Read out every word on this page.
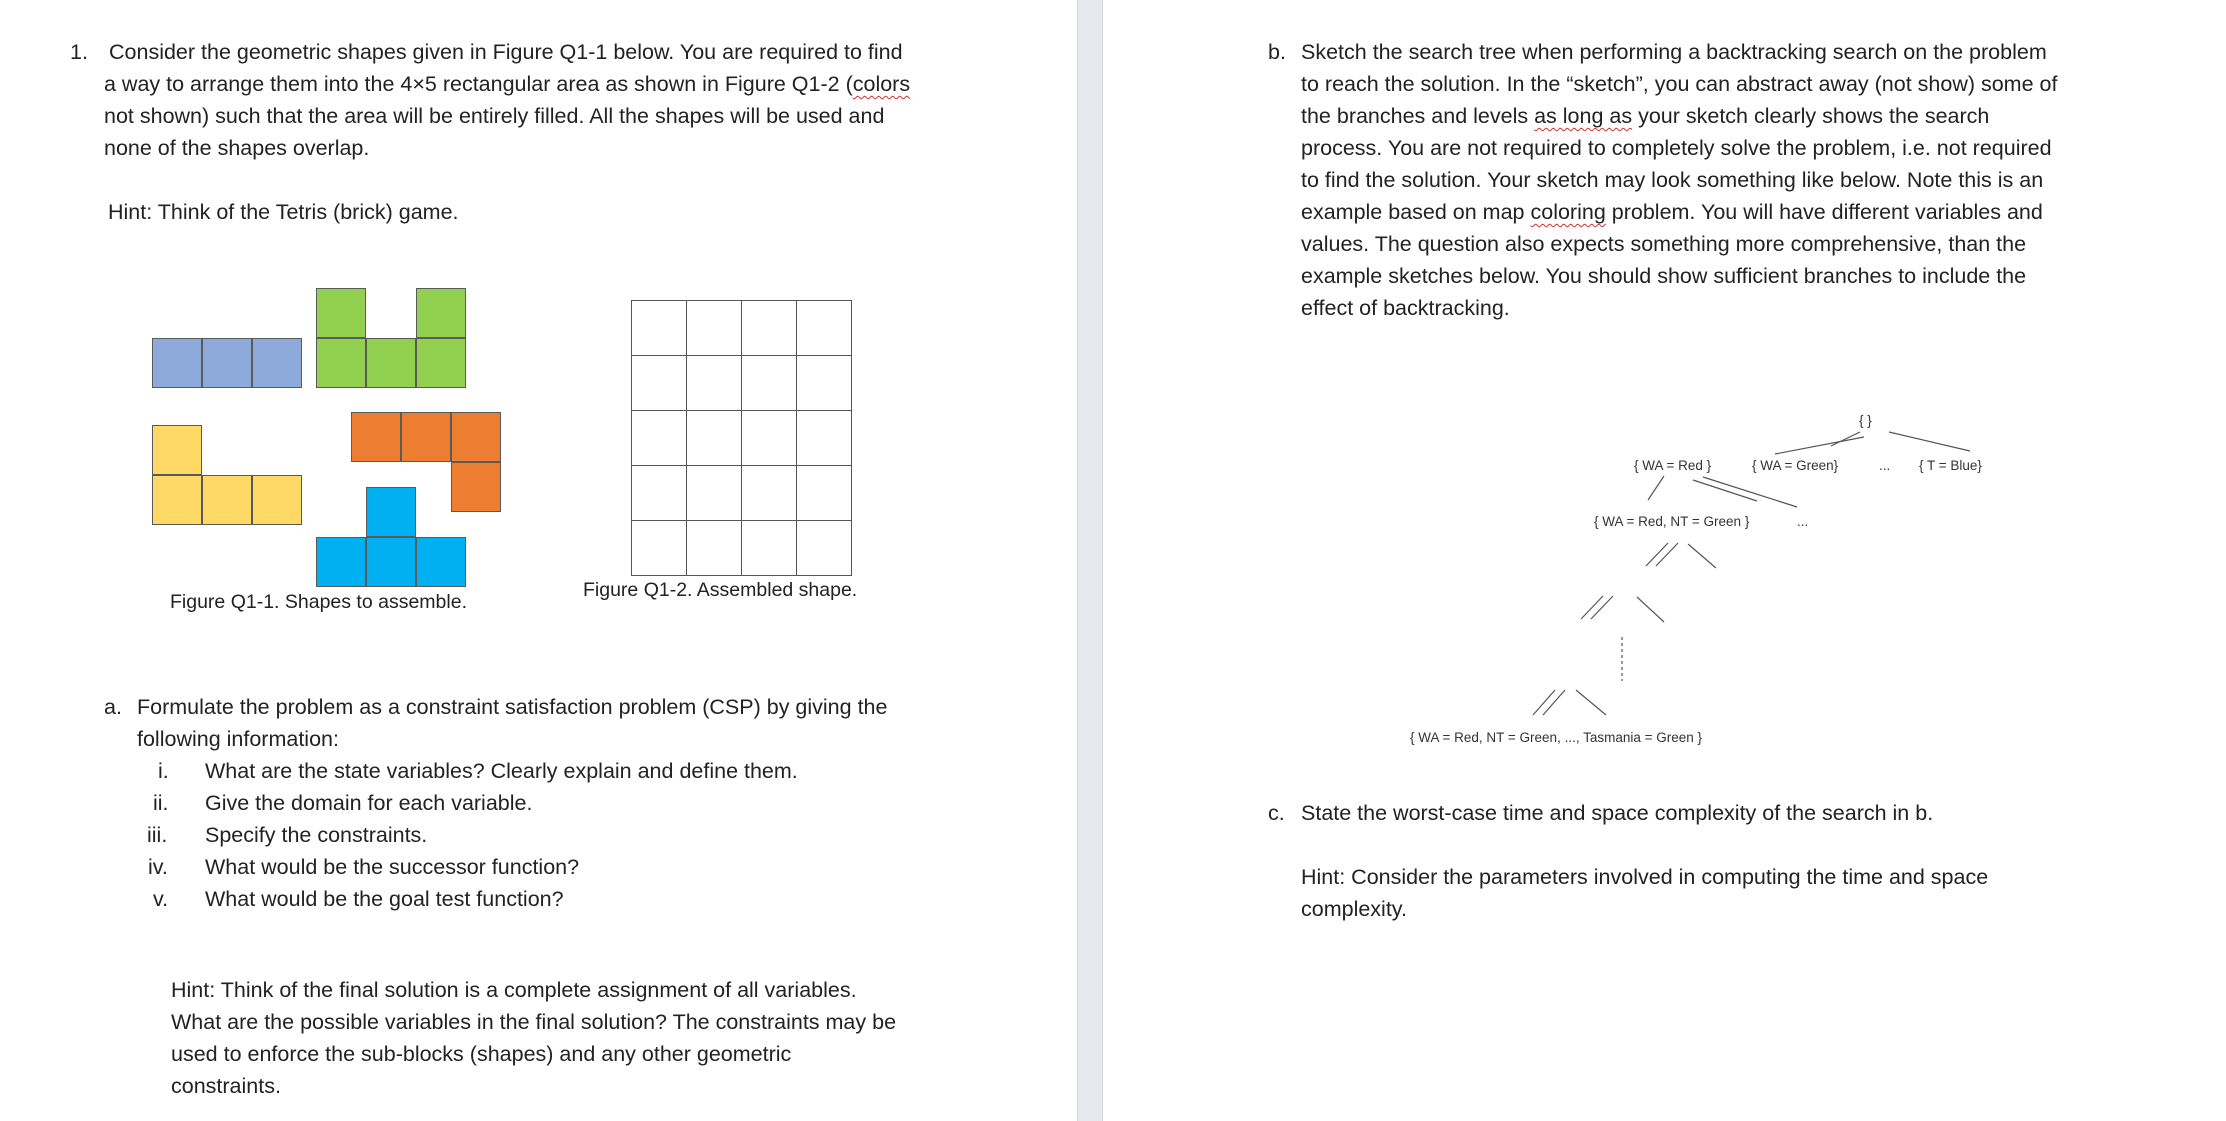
1. Consider the geometric shapes given in Figure Q1-1 below. You are required to find
a way to arrange them into the 4×5 rectangular area as shown in Figure Q1-2 (colors
not shown) such that the area will be entirely filled. All the shapes will be used and
none of the shapes overlap.
Hint: Think of the Tetris (brick) game.
Figure Q1-1. Shapes to assemble.
Figure Q1-2. Assembled shape.
a. Formulate the problem as a constraint satisfaction problem (CSP) by giving the
following information:
i. What are the state variables? Clearly explain and define them.
ii. Give the domain for each variable.
iii. Specify the constraints.
iv. What would be the successor function?
v. What would be the goal test function?
Hint: Think of the final solution is a complete assignment of all variables.
What are the possible variables in the final solution? The constraints may be
used to enforce the sub-blocks (shapes) and any other geometric
constraints.
b. Sketch the search tree when performing a backtracking search on the problem
to reach the solution. In the “sketch”, you can abstract away (not show) some of
the branches and levels as long as your sketch clearly shows the search
process. You are not required to completely solve the problem, i.e. not required
to find the solution. Your sketch may look something like below. Note this is an
example based on map coloring problem. You will have different variables and
values. The question also expects something more comprehensive, than the
example sketches below. You should show sufficient branches to include the
effect of backtracking.
{ }
{ WA = Red }	{ WA = Green}	... { T = Blue}
{ WA = Red, NT = Green }	...
{ WA = Red, NT = Green, ..., Tasmania = Green }
c. State the worst-case time and space complexity of the search in b.
Hint: Consider the parameters involved in computing the time and space
complexity.
